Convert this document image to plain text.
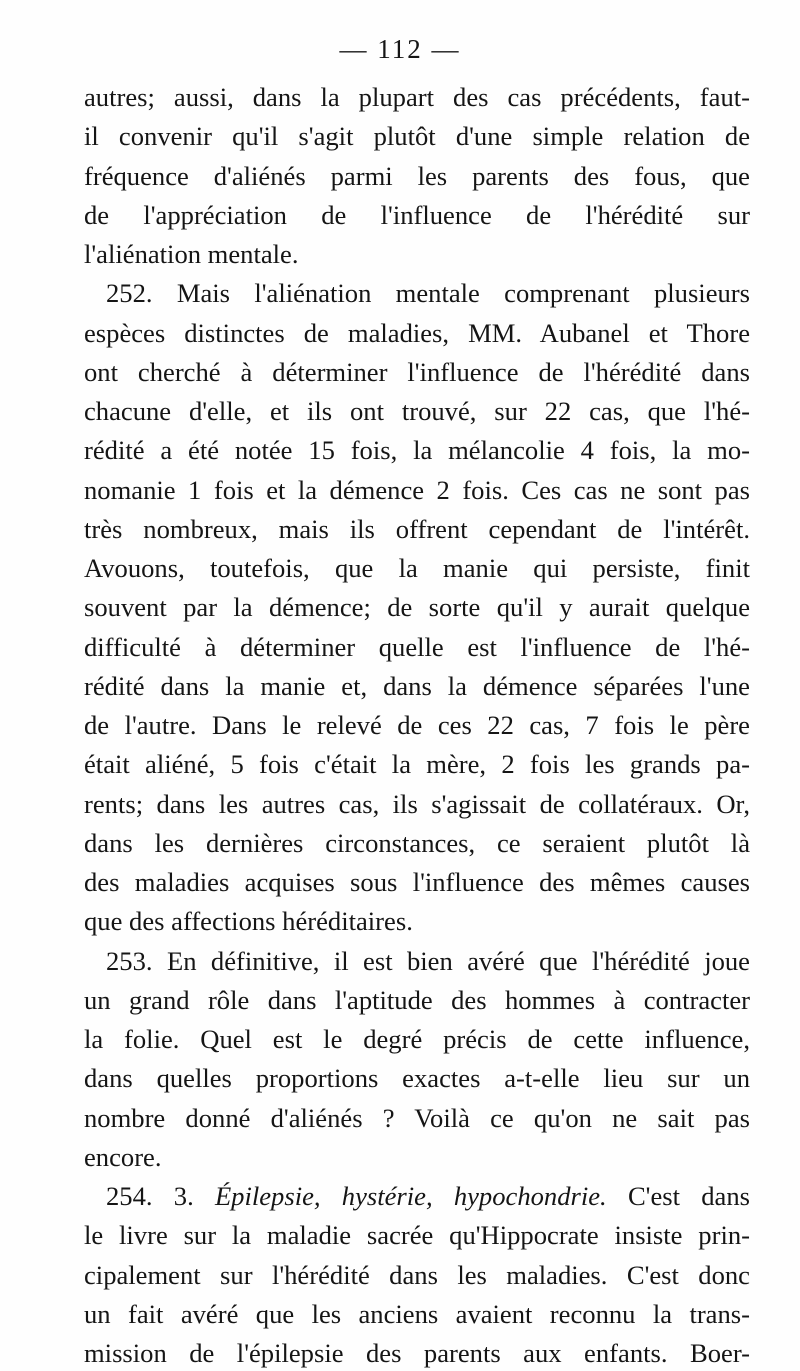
— 112 —
autres; aussi, dans la plupart des cas précédents, faut-
il convenir qu'il s'agit plutôt d'une simple relation de
fréquence d'aliénés parmi les parents des fous, que
de l'appréciation de l'influence de l'hérédité sur
l'aliénation mentale.
252. Mais l'aliénation mentale comprenant plusieurs
espèces distinctes de maladies, MM. Aubanel et Thore
ont cherché à déterminer l'influence de l'hérédité dans
chacune d'elle, et ils ont trouvé, sur 22 cas, que l'hé-
rédité a été notée 15 fois, la mélancolie 4 fois, la mo-
nomanie 1 fois et la démence 2 fois. Ces cas ne sont pas
très nombreux, mais ils offrent cependant de l'intérêt.
Avouons, toutefois, que la manie qui persiste, finit
souvent par la démence; de sorte qu'il y aurait quelque
difficulté à déterminer quelle est l'influence de l'hé-
rédité dans la manie et, dans la démence séparées l'une
de l'autre. Dans le relevé de ces 22 cas, 7 fois le père
était aliéné, 5 fois c'était la mère, 2 fois les grands pa-
rents; dans les autres cas, ils s'agissait de collatéraux. Or,
dans les dernières circonstances, ce seraient plutôt là
des maladies acquises sous l'influence des mêmes causes
que des affections héréditaires.
253. En définitive, il est bien avéré que l'hérédité joue
un grand rôle dans l'aptitude des hommes à contracter
la folie. Quel est le degré précis de cette influence,
dans quelles proportions exactes a-t-elle lieu sur un
nombre donné d'aliénés ? Voilà ce qu'on ne sait pas
encore.
254. 3. Épilepsie, hystérie, hypochondrie. C'est dans
le livre sur la maladie sacrée qu'Hippocrate insiste prin-
cipalement sur l'hérédité dans les maladies. C'est donc
un fait avéré que les anciens avaient reconnu la trans-
mission de l'épilepsie des parents aux enfants. Boer-
